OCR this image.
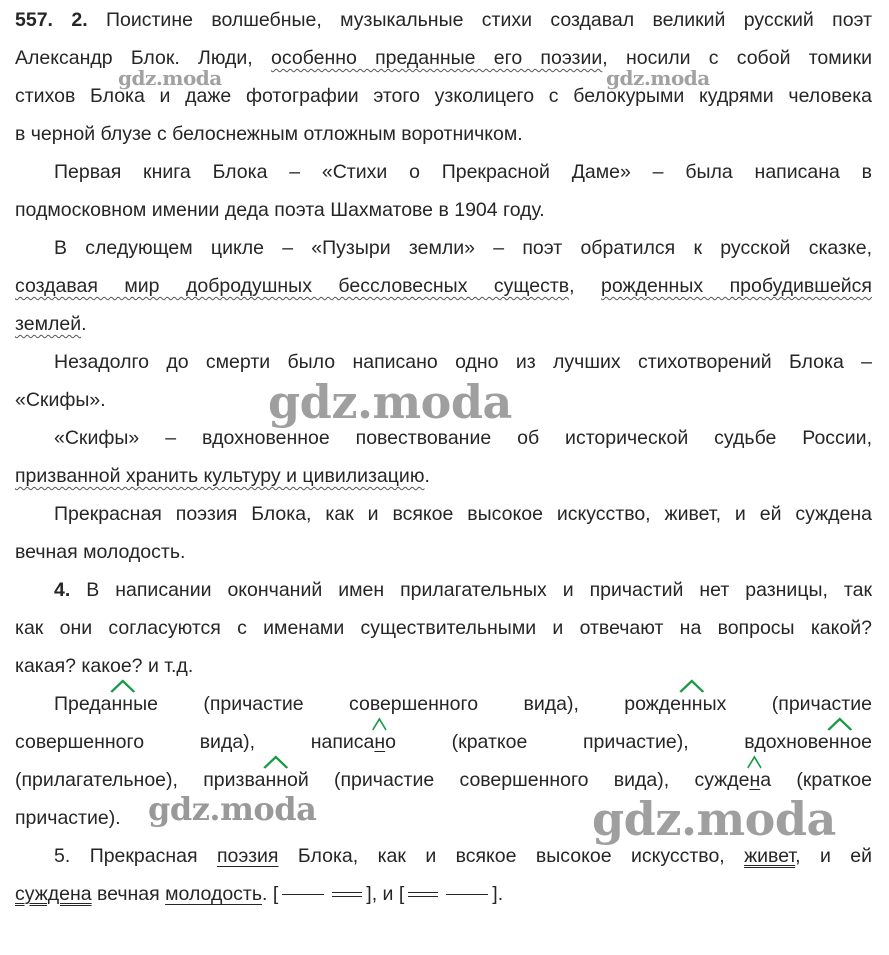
557. 2. Поистине волшебные, музыкальные стихи создавал великий русский поэт
Александр Блок. Люди, особенно преданные его поэзии, носили с собой томики
стихов Блока и даже фотографии этого узколицего с белокурыми кудрями человека
в черной блузе с белоснежным отложным воротничком.
Первая книга Блока – «Стихи о Прекрасной Даме» – была написана в
подмосковном имении деда поэта Шахматове в 1904 году.
В следующем цикле – «Пузыри земли» – поэт обратился к русской сказке,
создавая мир добродушных бессловесных существ, рожденных пробудившейся
землей.
Незадолго до смерти было написано одно из лучших стихотворений Блока –
«Скифы».
«Скифы» – вдохновенное повествование об исторической судьбе России,
призванной хранить культуру и цивилизацию.
Прекрасная поэзия Блока, как и всякое высокое искусство, живет, и ей суждена
вечная молодость.
4. В написании окончаний имен прилагательных и причастий нет разницы, так
как они согласуются с именами существительными и отвечают на вопросы какой?
какая? какое? и т.д.
Преда
нные (причастие совершенного вида), рожде
нных (причастие
совершенного	вида),	написа
но	(краткое	причастие),	вдохнове
нное
(прилагательное), призва
нной (причастие совершенного вида), сужде
на (краткое
причастие).
5. Прекрасная поэзия Блока, как и всякое высокое искусство, живет, и ей
суждена вечная молодость. [	], и [	].
gdz.moda	gdz.moda
gdz.moda
gdz.moda	gdz.moda
